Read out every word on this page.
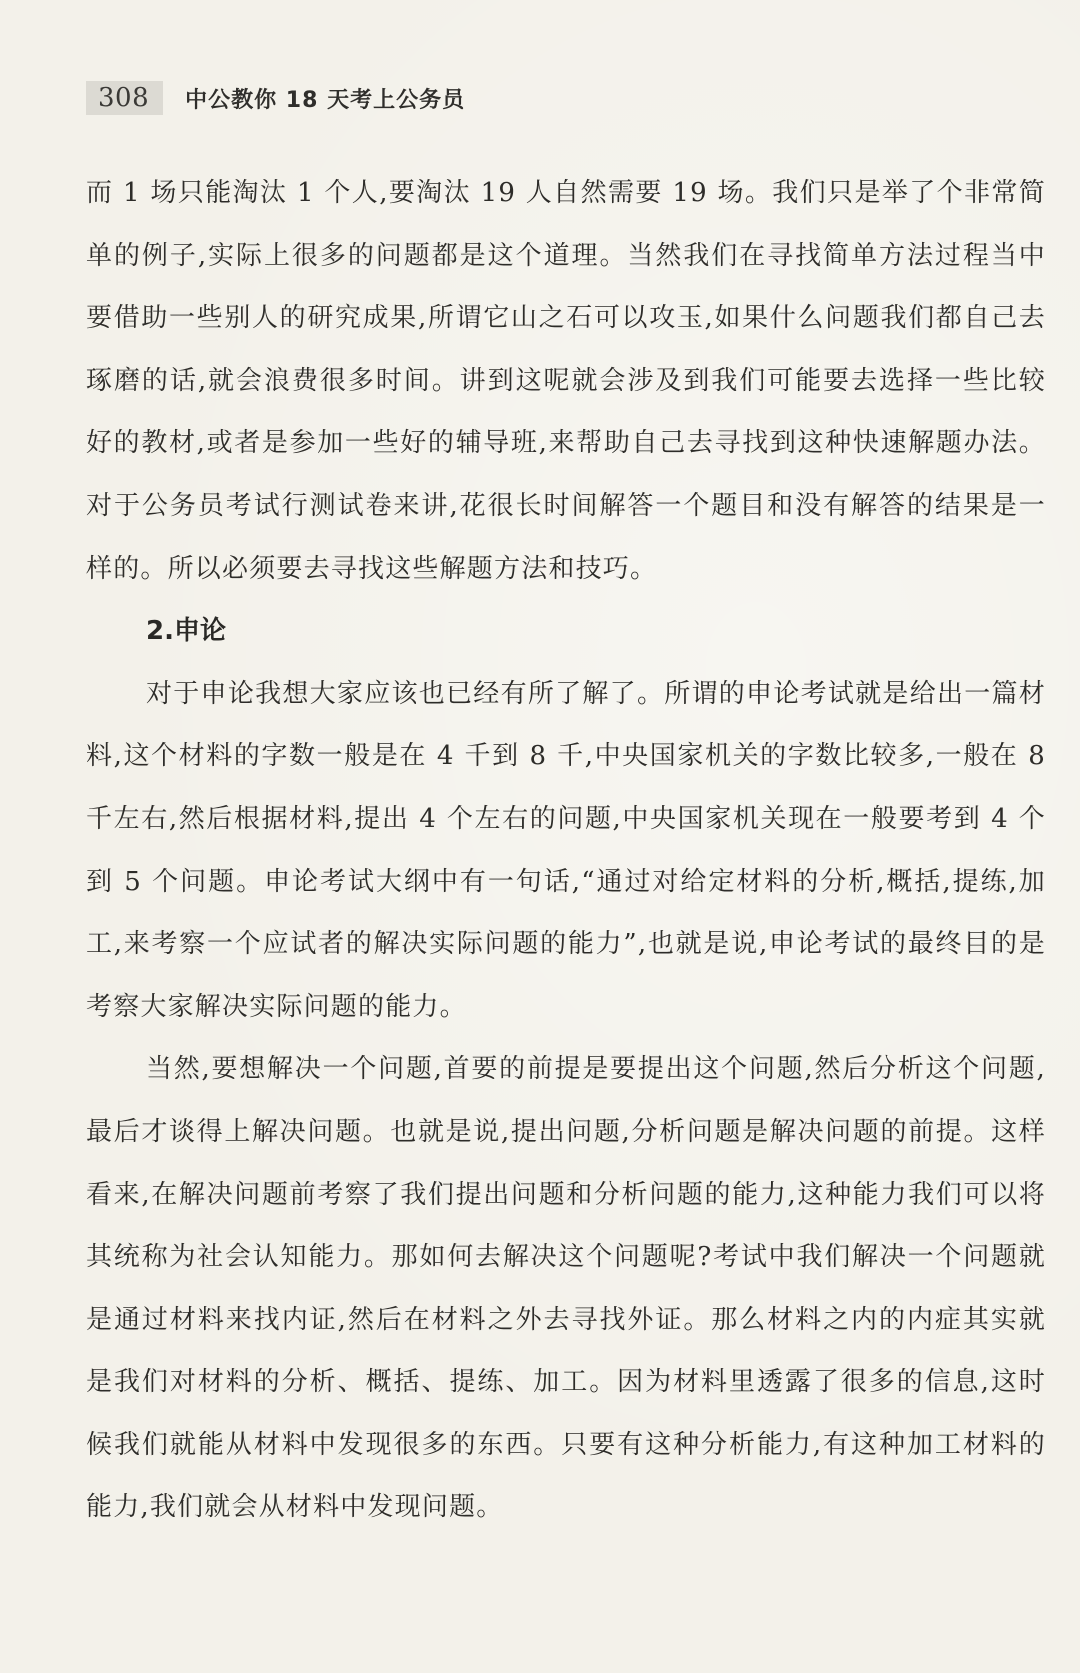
308	中公教你 18 天考上公务员

而 1 场只能淘汰 1 个人,要淘汰 19 人自然需要 19 场。我们只是举了个非常简单的例子,实际上很多的问题都是这个道理。当然我们在寻找简单方法过程当中要借助一些别人的研究成果,所谓它山之石可以攻玉,如果什么问题我们都自己去琢磨的话,就会浪费很多时间。讲到这呢就会涉及到我们可能要去选择一些比较好的教材,或者是参加一些好的辅导班,来帮助自己去寻找到这种快速解题办法。对于公务员考试行测试卷来讲,花很长时间解答一个题目和没有解答的结果是一样的。所以必须要去寻找这些解题方法和技巧。

2.申论

对于申论我想大家应该也已经有所了解了。所谓的申论考试就是给出一篇材料,这个材料的字数一般是在 4 千到 8 千,中央国家机关的字数比较多,一般在 8 千左右,然后根据材料,提出 4 个左右的问题,中央国家机关现在一般要考到 4 个到 5 个问题。申论考试大纲中有一句话,“通过对给定材料的分析,概括,提练,加工,来考察一个应试者的解决实际问题的能力”,也就是说,申论考试的最终目的是考察大家解决实际问题的能力。

当然,要想解决一个问题,首要的前提是要提出这个问题,然后分析这个问题,最后才谈得上解决问题。也就是说,提出问题,分析问题是解决问题的前提。这样看来,在解决问题前考察了我们提出问题和分析问题的能力,这种能力我们可以将其统称为社会认知能力。那如何去解决这个问题呢?考试中我们解决一个问题就是通过材料来找内证,然后在材料之外去寻找外证。那么材料之内的内症其实就是我们对材料的分析、概括、提练、加工。因为材料里透露了很多的信息,这时候我们就能从材料中发现很多的东西。只要有这种分析能力,有这种加工材料的能力,我们就会从材料中发现问题。
